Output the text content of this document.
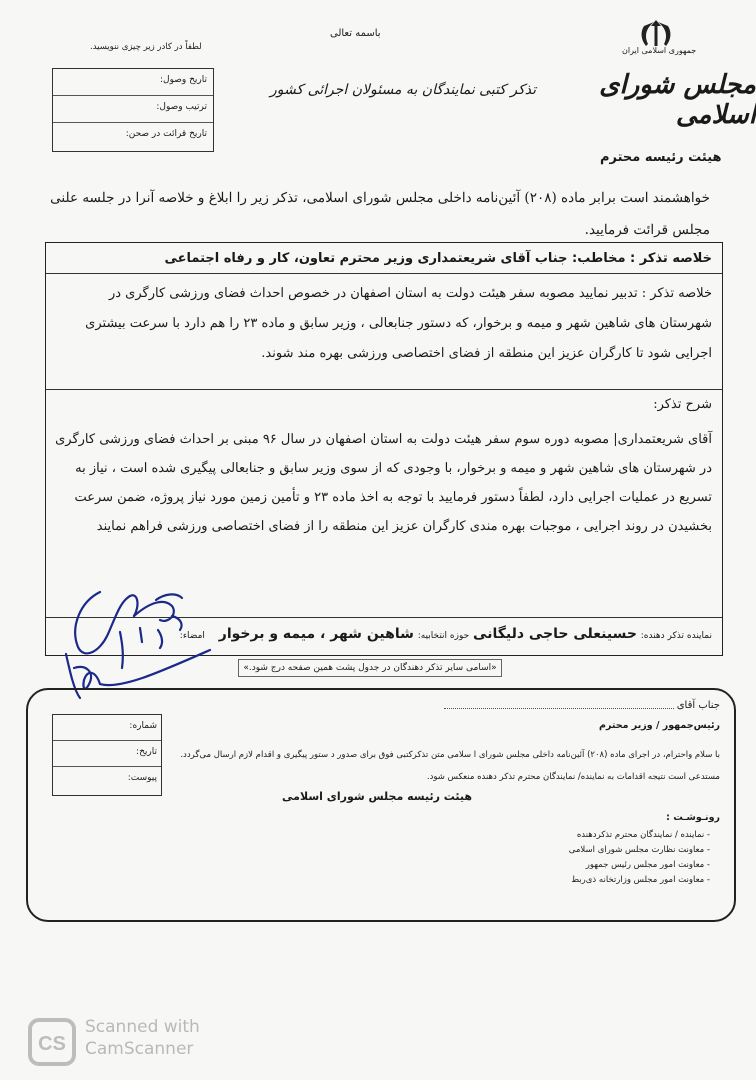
باسمه تعالی
لطفاً در کادر زیر چیزی ننویسید.
تاریخ وصول:
ترتیب وصول:
تاریخ قرائت در صحن:
تذکر کتبی نمایندگان به مسئولان اجرائی کشور
جمهوری اسلامی ایران
مجلس شورای اسلامی
هیئت رئیسه محترم
خواهشمند است برابر ماده (۲۰۸) آئین‌نامه داخلی مجلس شورای اسلامی، تذکر زیر را ابلاغ و خلاصه آنرا در جلسه علنی مجلس قرائت فرمایید.
خلاصه تذکر : مخاطب: جناب آقای شریعتمداری وزیر محترم تعاون، کار و رفاه اجتماعی
خلاصه تذکر : تدبیر نمایید مصوبه سفر هیئت دولت به استان اصفهان در خصوص احداث فضای ورزشی کارگری در شهرستان های شاهین شهر و میمه و برخوار، که دستور جنابعالی ، وزیر سابق و ماده ۲۳ را هم دارد با سرعت بیشتری اجرایی شود تا کارگران عزیز این منطقه از فضای اختصاصی ورزشی بهره مند شوند.
شرح تذکر:
آقای شریعتمداری| مصوبه دوره سوم سفر هیئت دولت به استان اصفهان در سال ۹۶ مبنی بر احداث فضای ورزشی کارگری در شهرستان های شاهین شهر و میمه و برخوار، با وجودی که از سوی وزیر سابق و جنابعالی پیگیری شده است ، نیاز به تسریع در عملیات اجرایی دارد، لطفاً دستور فرمایید با توجه به اخذ ماده ۲۳ و تأمین زمین مورد نیاز پروژه، ضمن سرعت بخشیدن در روند اجرایی ، موجبات بهره مندی کارگران عزیز این منطقه را از فضای اختصاصی ورزشی فراهم نمایند
نماینده تذکر دهنده: حسینعلی حاجی دلیگانی حوزه انتخابیه: شاهین شهر ، میمه و برخوار امضاء:
«اسامی سایر تذکر دهندگان در جدول پشت همین صفحه درج شود.»
جناب آقای
شماره:
تاریخ:
پیوست:
رئیس‌جمهور / وزیر محترم
با سلام واحترام، در اجرای ماده (۲۰۸) آئین‌نامه داخلی مجلس شورای ا سلامی متن تذکرکتبی فوق برای صدور د ستور پیگیری و اقدام لازم ارسال می‌گردد. مستدعی است نتیجه اقدامات به نماینده/ نمایندگان محترم تذکر دهنده منعکس شود.
هیئت رئیسه مجلس شورای اسلامی
رونـوشـت :
- نماینده / نمایندگان محترم تذکردهنده
- معاونت نظارت مجلس شورای اسلامی
- معاونت امور مجلس رئیس جمهور
- معاونت امور مجلس وزارتخانه ذی‌ربط
CS
Scanned with
CamScanner
